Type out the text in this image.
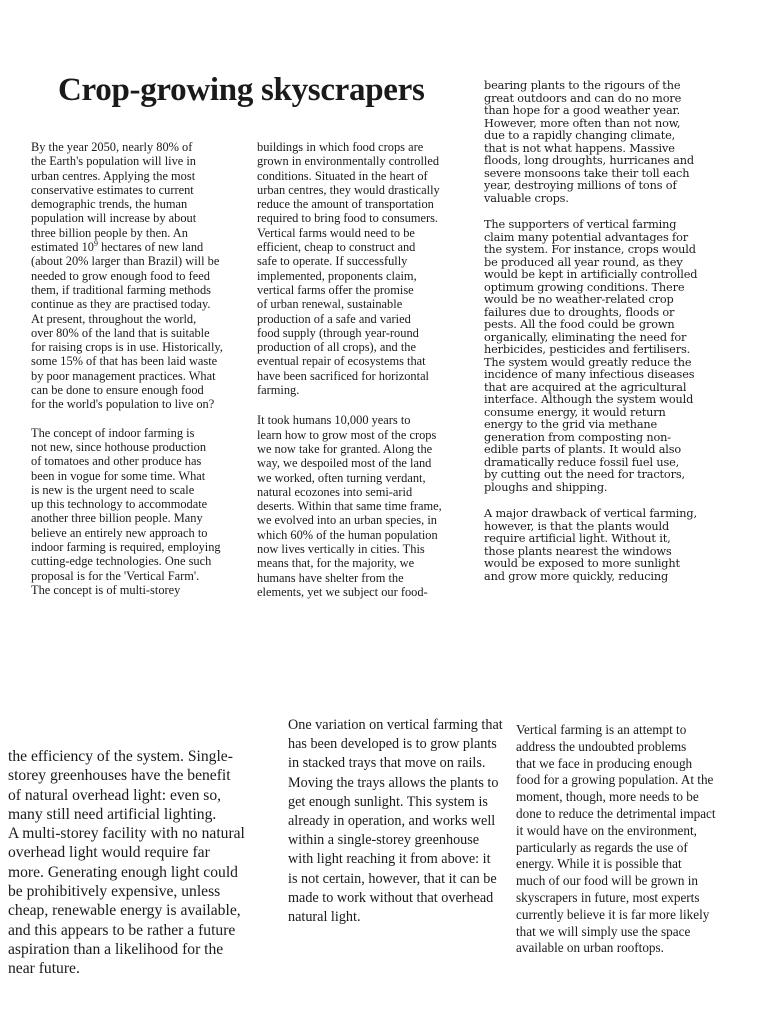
Crop-growing skyscrapers

By the year 2050, nearly 80% of
the Earth's population will live in
urban centres. Applying the most
conservative estimates to current
demographic trends, the human
population will increase by about
three billion people by then. An
estimated $10^9$ hectares of new land
(about 20% larger than Brazil) will be
needed to grow enough food to feed
them, if traditional farming methods
continue as they are practised today.
At present, throughout the world,
over 80% of the land that is suitable
for raising crops is in use. Historically,
some 15% of that has been laid waste
by poor management practices. What
can be done to ensure enough food
for the world's population to live on?

The concept of indoor farming is
not new, since hothouse production
of tomatoes and other produce has
been in vogue for some time. What
is new is the urgent need to scale
up this technology to accommodate
another three billion people. Many
believe an entirely new approach to
indoor farming is required, employing
cutting-edge technologies. One such
proposal is for the 'Vertical Farm'.
The concept is of multi-storey

buildings in which food crops are
grown in environmentally controlled
conditions. Situated in the heart of
urban centres, they would drastically
reduce the amount of transportation
required to bring food to consumers.
Vertical farms would need to be
efficient, cheap to construct and
safe to operate. If successfully
implemented, proponents claim,
vertical farms offer the promise
of urban renewal, sustainable
production of a safe and varied
food supply (through year-round
production of all crops), and the
eventual repair of ecosystems that
have been sacrificed for horizontal
farming.

It took humans 10,000 years to
learn how to grow most of the crops
we now take for granted. Along the
way, we despoiled most of the land
we worked, often turning verdant,
natural ecozones into semi-arid
deserts. Within that same time frame,
we evolved into an urban species, in
which 60% of the human population
now lives vertically in cities. This
means that, for the majority, we
humans have shelter from the
elements, yet we subject our food-

bearing plants to the rigours of the
great outdoors and can do no more
than hope for a good weather year.
However, more often than not now,
due to a rapidly changing climate,
that is not what happens. Massive
floods, long droughts, hurricanes and
severe monsoons take their toll each
year, destroying millions of tons of
valuable crops.

The supporters of vertical farming
claim many potential advantages for
the system. For instance, crops would
be produced all year round, as they
would be kept in artificially controlled
optimum growing conditions. There
would be no weather-related crop
failures due to droughts, floods or
pests. All the food could be grown
organically, eliminating the need for
herbicides, pesticides and fertilisers.
The system would greatly reduce the
incidence of many infectious diseases
that are acquired at the agricultural
interface. Although the system would
consume energy, it would return
energy to the grid via methane
generation from composting non-
edible parts of plants. It would also
dramatically reduce fossil fuel use,
by cutting out the need for tractors,
ploughs and shipping.

A major drawback of vertical farming,
however, is that the plants would
require artificial light. Without it,
those plants nearest the windows
would be exposed to more sunlight
and grow more quickly, reducing

the efficiency of the system. Single-
storey greenhouses have the benefit
of natural overhead light: even so,
many still need artificial lighting.
A multi-storey facility with no natural
overhead light would require far
more. Generating enough light could
be prohibitively expensive, unless
cheap, renewable energy is available,
and this appears to be rather a future
aspiration than a likelihood for the
near future.

One variation on vertical farming that
has been developed is to grow plants
in stacked trays that move on rails.
Moving the trays allows the plants to
get enough sunlight. This system is
already in operation, and works well
within a single-storey greenhouse
with light reaching it from above: it
is not certain, however, that it can be
made to work without that overhead
natural light.

Vertical farming is an attempt to
address the undoubted problems
that we face in producing enough
food for a growing population. At the
moment, though, more needs to be
done to reduce the detrimental impact
it would have on the environment,
particularly as regards the use of
energy. While it is possible that
much of our food will be grown in
skyscrapers in future, most experts
currently believe it is far more likely
that we will simply use the space
available on urban rooftops.
